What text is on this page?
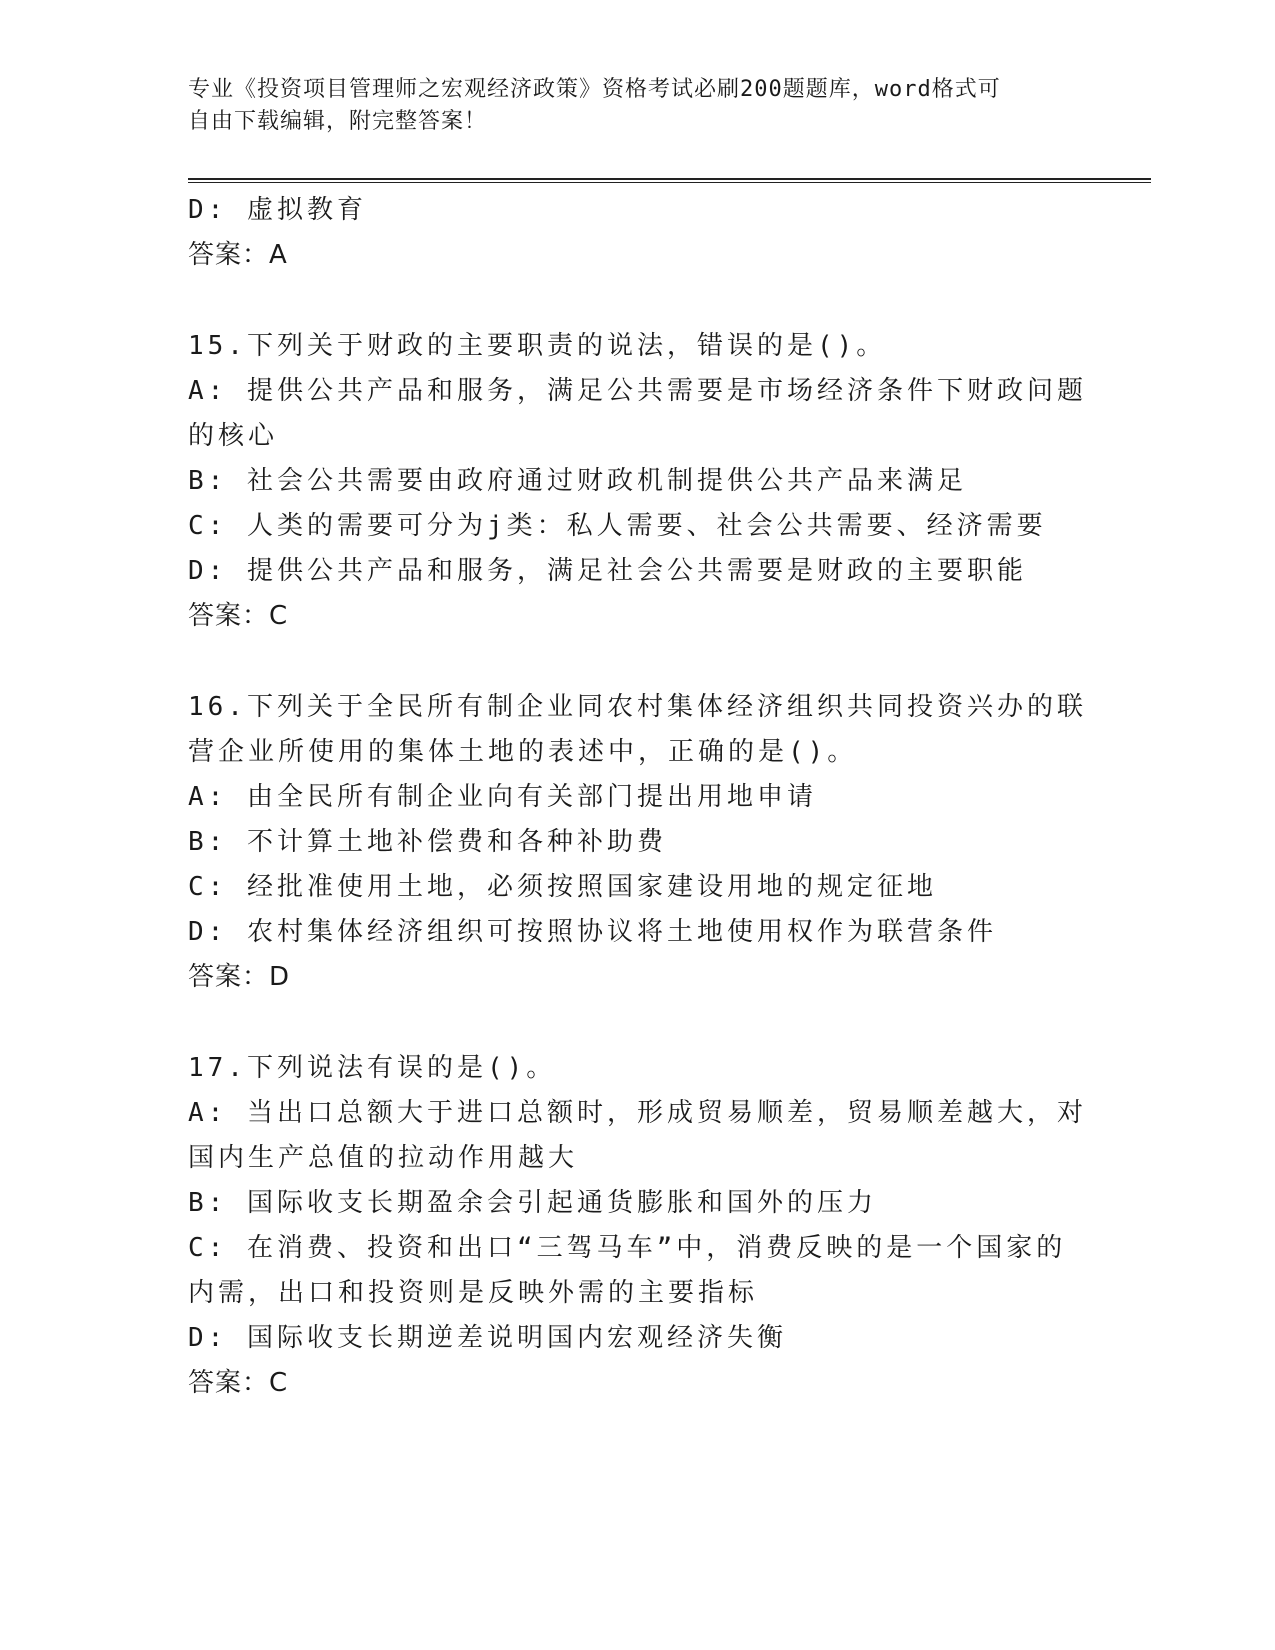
专业《投资项目管理师之宏观经济政策》资格考试必刷200题题库，word格式可
自由下载编辑，附完整答案！
D: 虚拟教育
答案：A
15.下列关于财政的主要职责的说法，错误的是()。
A: 提供公共产品和服务，满足公共需要是市场经济条件下财政问题的核心
B: 社会公共需要由政府通过财政机制提供公共产品来满足
C: 人类的需要可分为j类：私人需要、社会公共需要、经济需要
D: 提供公共产品和服务，满足社会公共需要是财政的主要职能
答案：C
16.下列关于全民所有制企业同农村集体经济组织共同投资兴办的联营企业所使用的集体土地的表述中，正确的是()。
A: 由全民所有制企业向有关部门提出用地申请
B: 不计算土地补偿费和各种补助费
C: 经批准使用土地，必须按照国家建设用地的规定征地
D: 农村集体经济组织可按照协议将土地使用权作为联营条件
答案：D
17.下列说法有误的是()。
A: 当出口总额大于进口总额时，形成贸易顺差，贸易顺差越大，对国内生产总值的拉动作用越大
B: 国际收支长期盈余会引起通货膨胀和国外的压力
C: 在消费、投资和出口“三驾马车”中，消费反映的是一个国家的内需，出口和投资则是反映外需的主要指标
D: 国际收支长期逆差说明国内宏观经济失衡
答案：C
